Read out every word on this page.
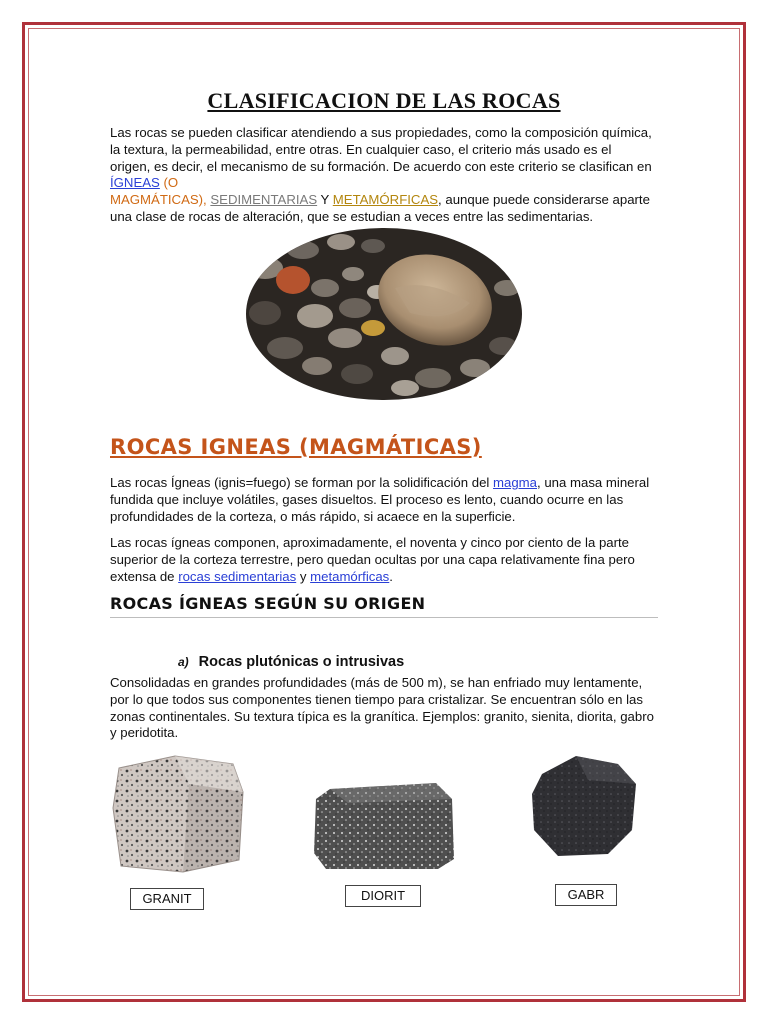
CLASIFICACION DE LAS ROCAS
Las rocas se pueden clasificar atendiendo a sus propiedades, como la composición química, la textura, la permeabilidad, entre otras. En cualquier caso, el criterio más usado es el origen, es decir, el mecanismo de su formación. De acuerdo con este criterio se clasifican en ÍGNEAS (O
MAGMÁTICAS), SEDIMENTARIAS Y METAMÓRFICAS, aunque puede considerarse aparte una clase de rocas de alteración, que se estudian a veces entre las sedimentarias.
ROCAS IGNEAS (MAGMÁTICAS)
Las rocas Ígneas (ignis=fuego) se forman por la solidificación del magma, una masa mineral fundida que incluye volátiles, gases disueltos. El proceso es lento, cuando ocurre en las profundidades de la corteza, o más rápido, si acaece en la superficie.
Las rocas ígneas componen, aproximadamente, el noventa y cinco por ciento de la parte superior de la corteza terrestre, pero quedan ocultas por una capa relativamente fina pero extensa de rocas sedimentarias y metamórficas.
ROCAS ÍGNEAS SEGÚN SU ORIGEN
a) Rocas plutónicas o intrusivas
Consolidadas en grandes profundidades (más de 500 m), se han enfriado muy lentamente, por lo que todos sus componentes tienen tiempo para cristalizar. Se encuentran sólo en las zonas continentales. Su textura típica es la granítica. Ejemplos: granito, sienita, diorita, gabro y peridotita.
GRANIT	DIORIT	GABR
